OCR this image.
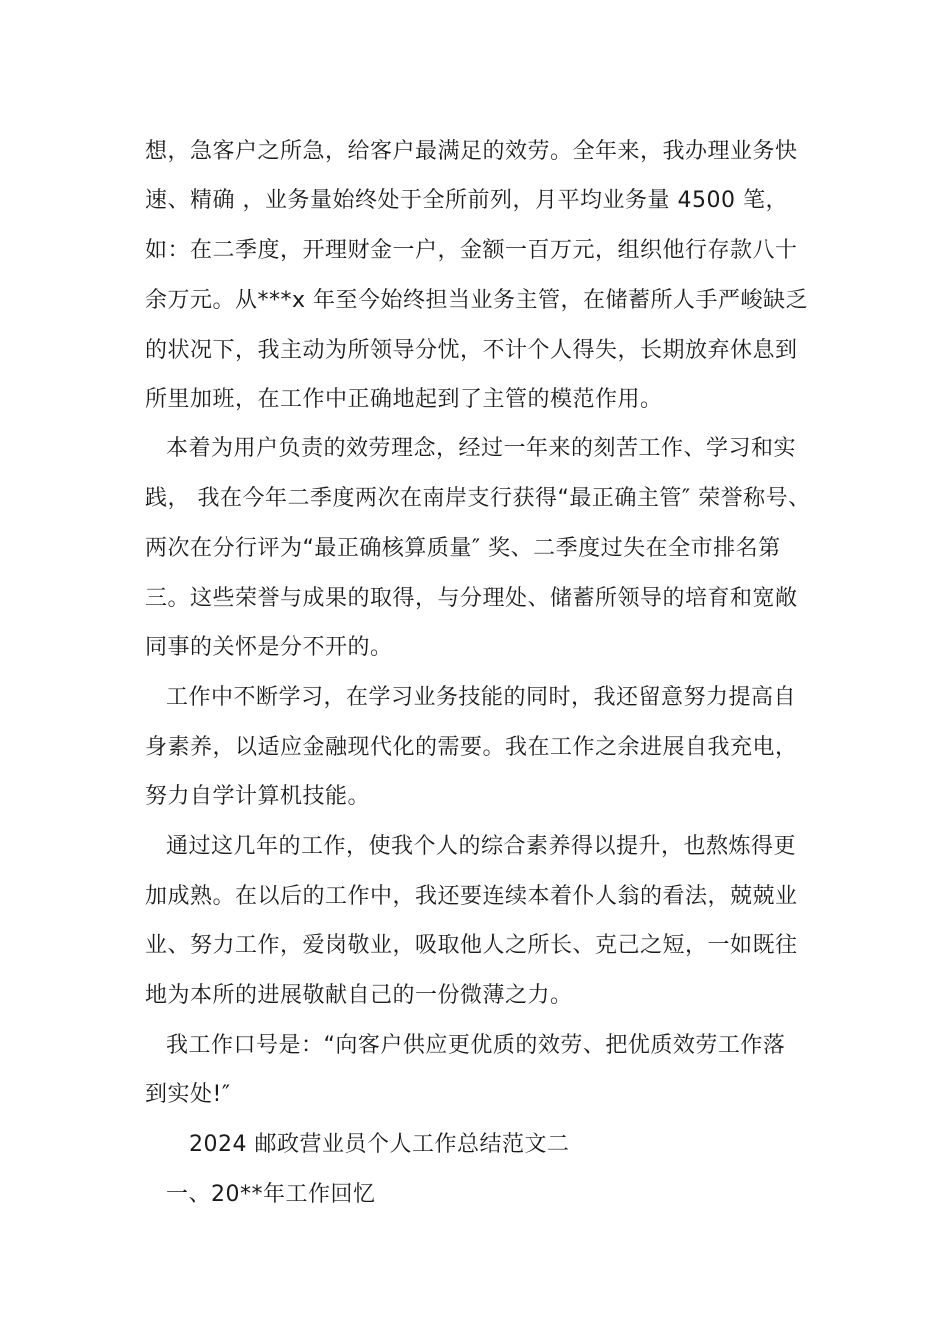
想，急客户之所急，给客户最满足的效劳。全年来，我办理业务快
速、精确 ，业务量始终处于全所前列，月平均业务量 4500 笔，
如：在二季度，开理财金一户，金额一百万元，组织他行存款八十
余万元。从***x 年至今始终担当业务主管，在储蓄所人手严峻缺乏
的状况下，我主动为所领导分忧，不计个人得失，长期放弃休息到
所里加班，在工作中正确地起到了主管的模范作用。
本着为用户负责的效劳理念，经过一年来的刻苦工作、学习和实
践， 我在今年二季度两次在南岸支行获得“最正确主管″ 荣誉称号、
两次在分行评为“最正确核算质量″ 奖、二季度过失在全市排名第
三。这些荣誉与成果的取得，与分理处、储蓄所领导的培育和宽敞
同事的关怀是分不开的。
工作中不断学习，在学习业务技能的同时，我还留意努力提高自
身素养，以适应金融现代化的需要。我在工作之余进展自我充电，
努力自学计算机技能。
通过这几年的工作，使我个人的综合素养得以提升，也熬炼得更
加成熟。在以后的工作中，我还要连续本着仆人翁的看法，兢兢业
业、努力工作，爱岗敬业，吸取他人之所长、克己之短，一如既往
地为本所的进展敬献自己的一份微薄之力。
我工作口号是：“向客户供应更优质的效劳、把优质效劳工作落
到实处!″
2024 邮政营业员个人工作总结范文二
一、20**年工作回忆
